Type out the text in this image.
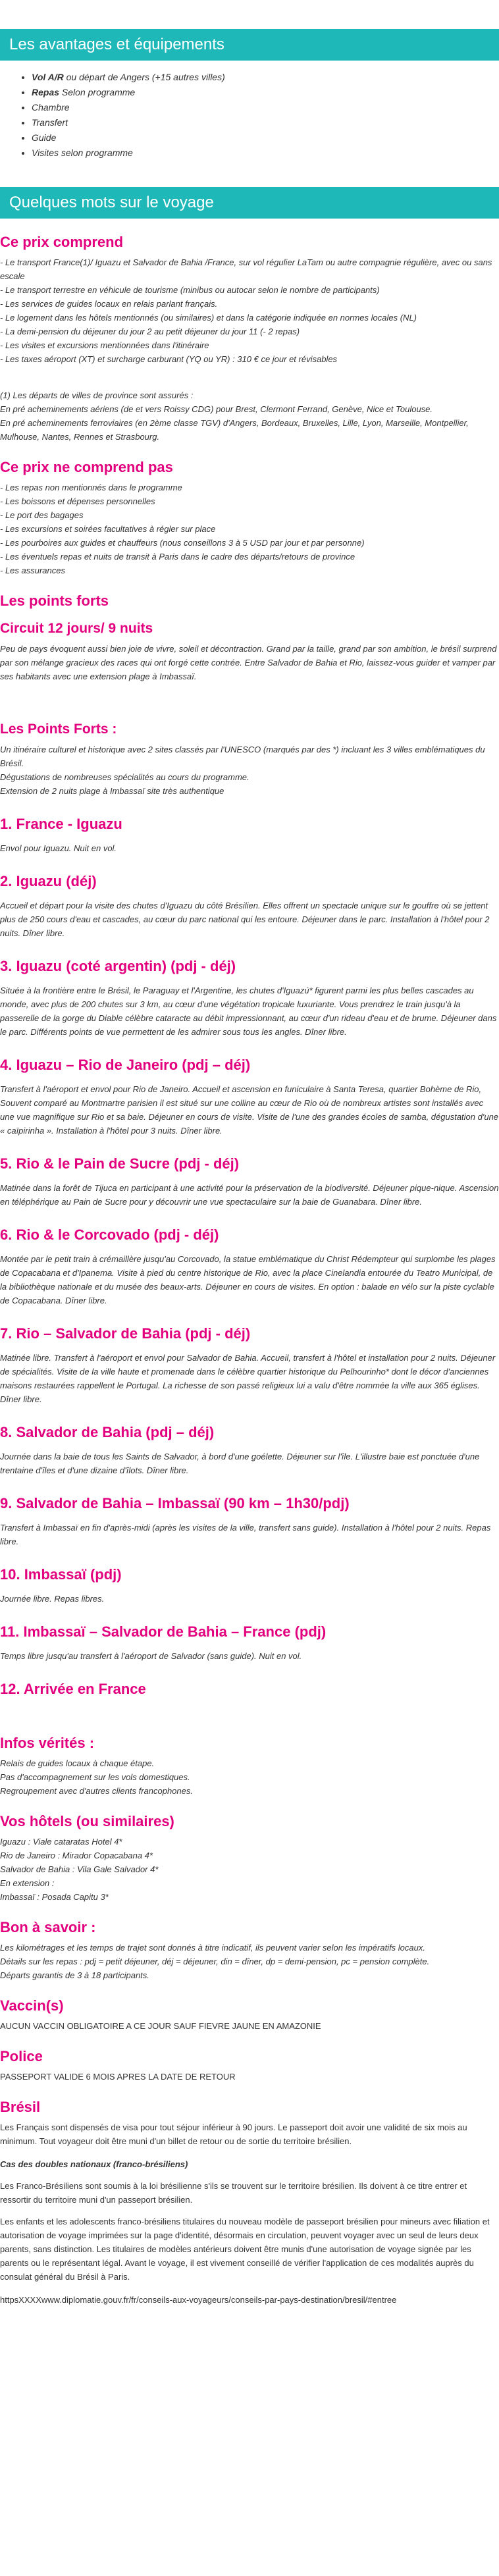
Les avantages et équipements
• Vol A/R ou départ de Angers (+15 autres villes)
• Repas Selon programme
• Chambre
• Transfert
• Guide
• Visites selon programme
Quelques mots sur le voyage
Ce prix comprend

- Le transport France(1)/ Iguazu et Salvador de Bahia /France, sur vol régulier LaTam ou autre compagnie régulière, avec ou sans escale
- Le transport terrestre en véhicule de tourisme (minibus ou autocar selon le nombre de participants)
- Les services de guides locaux en relais parlant français.
- Le logement dans les hôtels mentionnés (ou similaires) et dans la catégorie indiquée en normes locales (NL)
- La demi-pension du déjeuner du jour 2 au petit déjeuner du jour 11 (- 2 repas)
- Les visites et excursions mentionnées dans l'itinéraire
- Les taxes aéroport (XT) et surcharge carburant (YQ ou YR) : 310 € ce jour et révisables

(1) Les départs de villes de province sont assurés :
En pré acheminements aériens (de et vers Roissy CDG) pour Brest, Clermont Ferrand, Genève, Nice et Toulouse.
En pré acheminements ferroviaires (en 2ème classe TGV) d'Angers, Bordeaux, Bruxelles, Lille, Lyon, Marseille, Montpellier, Mulhouse, Nantes, Rennes et Strasbourg.

Ce prix ne comprend pas

- Les repas non mentionnés dans le programme
- Les boissons et dépenses personnelles
- Le port des bagages
- Les excursions et soirées facultatives à régler sur place
- Les pourboires aux guides et chauffeurs (nous conseillons 3 à 5 USD par jour et par personne)
- Les éventuels repas et nuits de transit à Paris dans le cadre des départs/retours de province
- Les assurances

Les points forts
Circuit 12 jours/ 9 nuits

Peu de pays évoquent aussi bien joie de vivre, soleil et décontraction. Grand par la taille, grand par son ambition, le brésil surprend par son mélange gracieux des races qui ont forgé cette contrée. Entre Salvador de Bahia et Rio, laissez-vous guider et vamper par ses habitants avec une extension plage à Imbassaï.

Les Points Forts :

Un itinéraire culturel et historique avec 2 sites classés par l'UNESCO (marqués par des *) incluant les 3 villes emblématiques du Brésil.
Dégustations de nombreuses spécialités au cours du programme.
Extension de 2 nuits plage à Imbassaï site très authentique

1. France - Iguazu

Envol pour Iguazu. Nuit en vol.

2. Iguazu (déj)

Accueil et départ pour la visite des chutes d'Iguazu du côté Brésilien. Elles offrent un spectacle unique sur le gouffre où se jettent plus de 250 cours d'eau et cascades, au cœur du parc national qui les entoure. Déjeuner dans le parc. Installation à l'hôtel pour 2 nuits. Dîner libre.

3. Iguazu (coté argentin) (pdj - déj)

Située à la frontière entre le Brésil, le Paraguay et l'Argentine, les chutes d'Iguazú* figurent parmi les plus belles cascades au monde, avec plus de 200 chutes sur 3 km, au cœur d'une végétation tropicale luxuriante. Vous prendrez le train jusqu'à la passerelle de la gorge du Diable célèbre cataracte au débit impressionnant, au cœur d'un rideau d'eau et de brume. Déjeuner dans le parc. Différents points de vue permettent de les admirer sous tous les angles. Dîner libre.

4. Iguazu – Rio de Janeiro (pdj – déj)

Transfert à l'aéroport et envol pour Rio de Janeiro. Accueil et ascension en funiculaire à Santa Teresa, quartier Bohème de Rio, Souvent comparé au Montmartre parisien il est situé sur une colline au cœur de Rio où de nombreux artistes sont installés avec une vue magnifique sur Rio et sa baie. Déjeuner en cours de visite. Visite de l'une des grandes écoles de samba, dégustation d'une « caïpirinha ». Installation à l'hôtel pour 3 nuits. Dîner libre.

5. Rio & le Pain de Sucre (pdj - déj)

Matinée dans la forêt de Tijuca en participant à une activité pour la préservation de la biodiversité. Déjeuner pique-nique. Ascension en téléphérique au Pain de Sucre pour y découvrir une vue spectaculaire sur la baie de Guanabara. Dîner libre.

6. Rio & le Corcovado (pdj - déj)

Montée par le petit train à crémaillère jusqu'au Corcovado, la statue emblématique du Christ Rédempteur qui surplombe les plages de Copacabana et d'Ipanema. Visite à pied du centre historique de Rio, avec la place Cinelandia entourée du Teatro Municipal, de la bibliothèque nationale et du musée des beaux-arts. Déjeuner en cours de visites. En option : balade en vélo sur la piste cyclable de Copacabana. Dîner libre.

7. Rio – Salvador de Bahia (pdj - déj)

Matinée libre. Transfert à l'aéroport et envol pour Salvador de Bahia. Accueil, transfert à l'hôtel et installation pour 2 nuits. Déjeuner de spécialités. Visite de la ville haute et promenade dans le célèbre quartier historique du Pelhourinho* dont le décor d'anciennes maisons restaurées rappellent le Portugal. La richesse de son passé religieux lui a valu d'être nommée la ville aux 365 églises. Dîner libre.

8. Salvador de Bahia (pdj – déj)

Journée dans la baie de tous les Saints de Salvador, à bord d'une goélette. Déjeuner sur l'île. L'illustre baie est ponctuée d'une trentaine d'îles et d'une dizaine d'îlots. Dîner libre.

9. Salvador de Bahia – Imbassaï (90 km – 1h30/pdj)

Transfert à Imbassaï en fin d'après-midi (après les visites de la ville, transfert sans guide). Installation à l'hôtel pour 2 nuits. Repas libre.

10. Imbassaï (pdj)

Journée libre. Repas libres.

11. Imbassaï – Salvador de Bahia – France (pdj)

Temps libre jusqu'au transfert à l'aéroport de Salvador (sans guide). Nuit en vol.

12. Arrivée en France
Infos vérités :

Relais de guides locaux à chaque étape.
Pas d'accompagnement sur les vols domestiques.
Regroupement avec d'autres clients francophones.

Vos hôtels (ou similaires)

Iguazu : Viale cataratas Hotel 4*
Rio de Janeiro : Mirador Copacabana 4*
Salvador de Bahia : Vila Gale Salvador 4*
En extension :
Imbassaï : Posada Capitu 3*

Bon à savoir :

Les kilométrages et les temps de trajet sont donnés à titre indicatif, ils peuvent varier selon les impératifs locaux.
Détails sur les repas : pdj = petit déjeuner, déj = déjeuner, din = dîner, dp = demi-pension, pc = pension complète.
Départs garantis de 3 à 18 participants.

Vaccin(s)

AUCUN VACCIN OBLIGATOIRE A CE JOUR SAUF FIEVRE JAUNE EN AMAZONIE

Police

PASSEPORT VALIDE 6 MOIS APRES LA DATE DE RETOUR

Brésil

Les Français sont dispensés de visa pour tout séjour inférieur à 90 jours. Le passeport doit avoir une validité de six mois au minimum. Tout voyageur doit être muni d'un billet de retour ou de sortie du territoire brésilien.

Cas des doubles nationaux (franco-brésiliens)

Les Franco-Brésiliens sont soumis à la loi brésilienne s'ils se trouvent sur le territoire brésilien. Ils doivent à ce titre entrer et ressortir du territoire muni d'un passeport brésilien.

Les enfants et les adolescents franco-brésiliens titulaires du nouveau modèle de passeport brésilien pour mineurs avec filiation et autorisation de voyage imprimées sur la page d'identité, désormais en circulation, peuvent voyager avec un seul de leurs deux parents, sans distinction. Les titulaires de modèles antérieurs doivent être munis d'une autorisation de voyage signée par les parents ou le représentant légal. Avant le voyage, il est vivement conseillé de vérifier l'application de ces modalités auprès du consulat général du Brésil à Paris.

httpsXXXXwww.diplomatie.gouv.fr/fr/conseils-aux-voyageurs/conseils-par-pays-destination/bresil/#entree
